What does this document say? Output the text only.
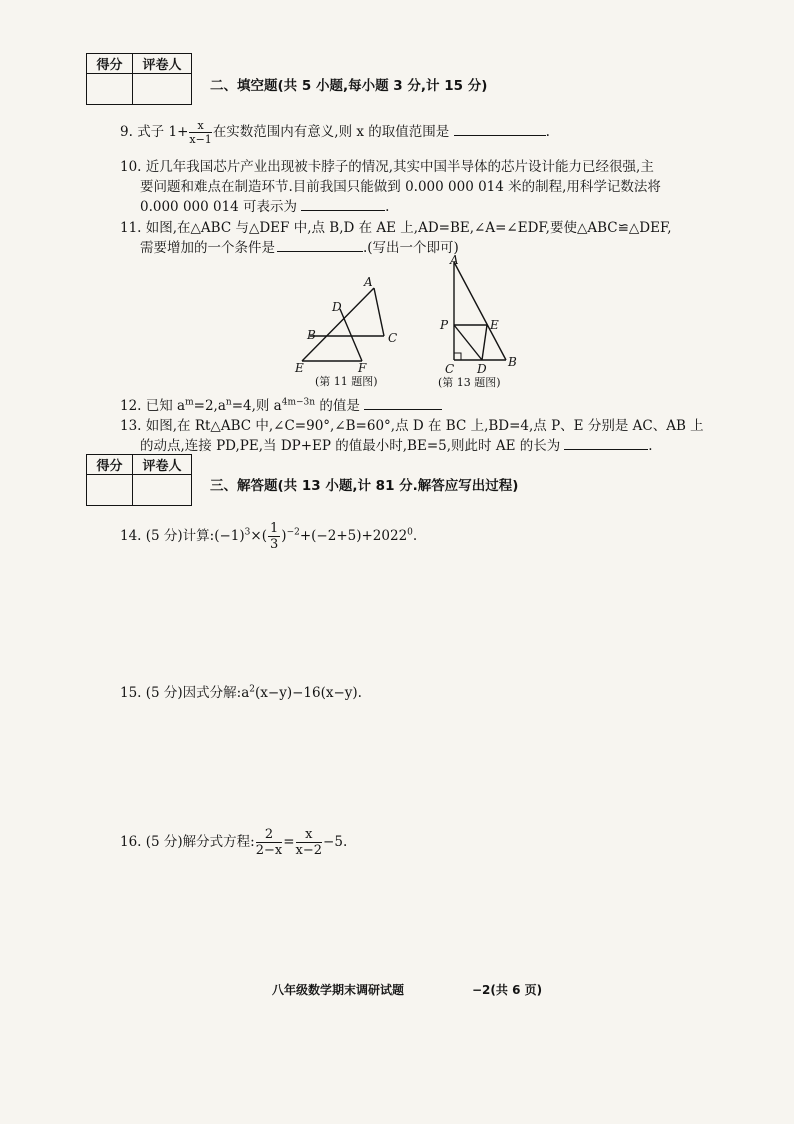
得分	评卷人

二、填空题(共 5 小题,每小题 3 分,计 15 分)
9. 式子 $1+ \frac{x}{x-1}$ 在实数范围内有意义,则 x 的取值范围是	.
10. 近几年我国芯片产业出现被卡脖子的情况,其实中国半导体的芯片设计能力已经很强,主
要问题和难点在制造环节.目前我国只能做到 0.000 000 014 米的制程,用科学记数法将
0.000 000 014 可表示为	.
11. 如图,在△ABC 与△DEF 中,点 B,D 在 AE 上,AD=BE,∠A=∠EDF,要使△ABC≌△DEF,
需要增加的一个条件是	.(写出一个即可)
A
D
B	C
E	F
(第 11 题图)
A
P	E
C D B
(第 13 题图)
12. 已知 $a^m=2,a^n=4$,则 $a^{4m-3n}$ 的值是
13. 如图,在 Rt△ABC 中,∠C=90°,∠B=60°,点 D 在 BC 上,BD=4,点 P、E 分别是 AC、AB 上
的动点,连接 PD,PE,当 DP+EP 的值最小时,BE=5,则此时 AE 的长为	.
得分	评卷人

三、解答题(共 13 小题,计 81 分.解答应写出过程)
14. (5 分)计算$:(-1)^3\times( \frac{1}{3} )^{-2}+(-2+5)+2022^0$.
15. (5 分)因式分解$:a^2(x-y)-16(x-y)$.
16. (5 分)解分式方程: $\frac{2}{2-x} = \frac{x}{x-2} -5$.
八年级数学期末调研试题	−2(共 6 页)
